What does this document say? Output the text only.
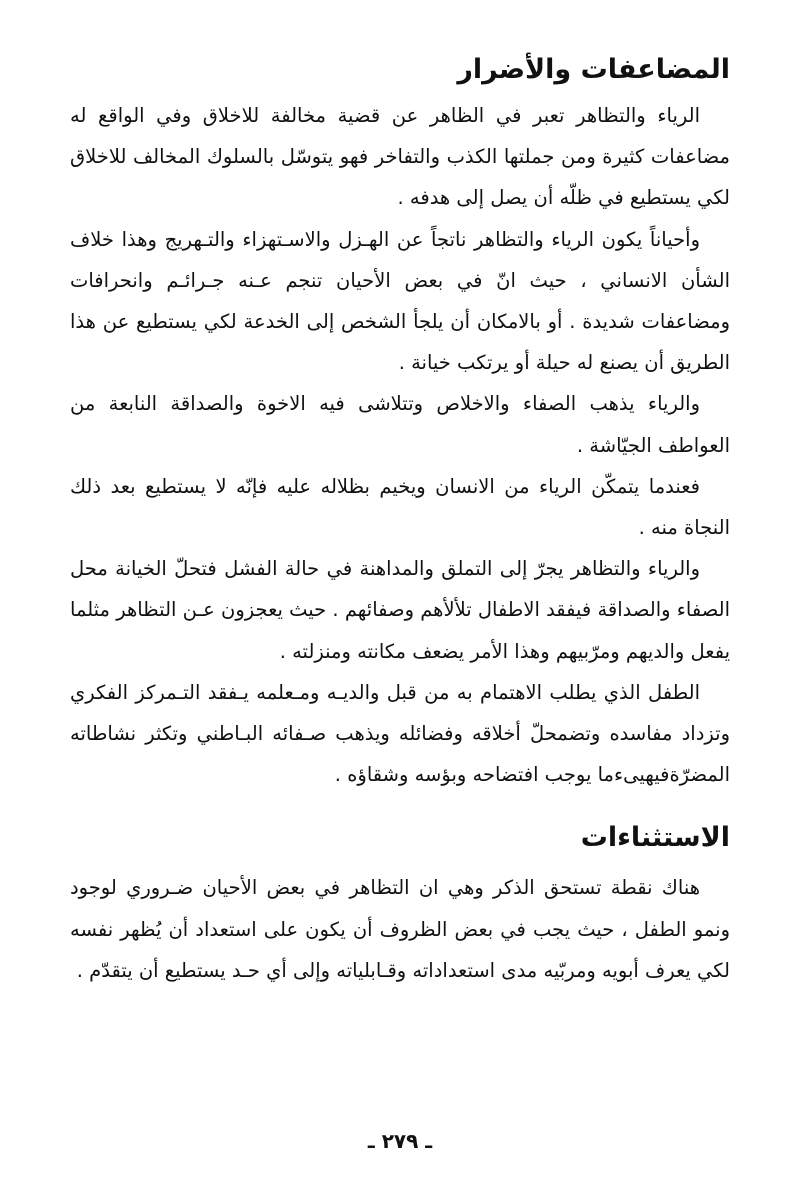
المضاعفات والأضرار

الرياء والتظاهر تعبر في الظاهر عن قضية مخالفة للاخلاق وفي الواقع له مضاعفات كثيرة ومن جملتها الكذب والتفاخر فهو يتوسّل بالسلوك المخالف للاخلاق لكي يستطيع في ظلّه أن يصل إلى هدفه .

وأحياناً يكون الرياء والتظاهر ناتجاً عن الهـزل والاسـتهزاء والتـهريج وهذا خلاف الشأن الانساني ، حيث انّ في بعض الأحيان تنجم عـنه جـرائـم وانحرافات ومضاعفات شديدة . أو بالامكان أن يلجأ الشخص إلى الخدعة لكي يستطيع عن هذا الطريق أن يصنع له حيلة أو يرتكب خيانة .

والرياء يذهب الصفاء والاخلاص وتتلاشى فيه الاخوة والصداقة النابعة من العواطف الجيّاشة .

فعندما يتمكّن الرياء من الانسان ويخيم بظلاله عليه فإنّه لا يستطيع بعد ذلك النجاة منه .

والرياء والتظاهر يجرّ إلى التملق والمداهنة في حالة الفشل فتحلّ الخيانة محل الصفاء والصداقة فيفقد الاطفال تلألأهم وصفائهم . حيث يعجزون عـن التظاهر مثلما يفعل والديهم ومرّبيهم وهذا الأمر يضعف مكانته ومنزلته .

الطفل الذي يطلب الاهتمام به من قبل والديـه ومـعلمه يـفقد التـمركز الفكري وتزداد مفاسده وتضمحلّ أخلاقه وفضائله ويذهب صـفائه البـاطني وتكثر نشاطاته المضرّةفيهيىءما يوجب افتضاحه وبؤسه وشقاؤه .

الاستثناءات

هناك نقطة تستحق الذكر وهي ان التظاهر في بعض الأحيان ضـروري لوجود ونمو الطفل ، حيث يجب في بعض الظروف أن يكون على استعداد أن يُظهر نفسه لكي يعرف أبويه ومربّيه مدى استعداداته وقـابلياته وإلى أي حـد يستطيع أن يتقدّم .

ـ ٢٧٩ ـ
